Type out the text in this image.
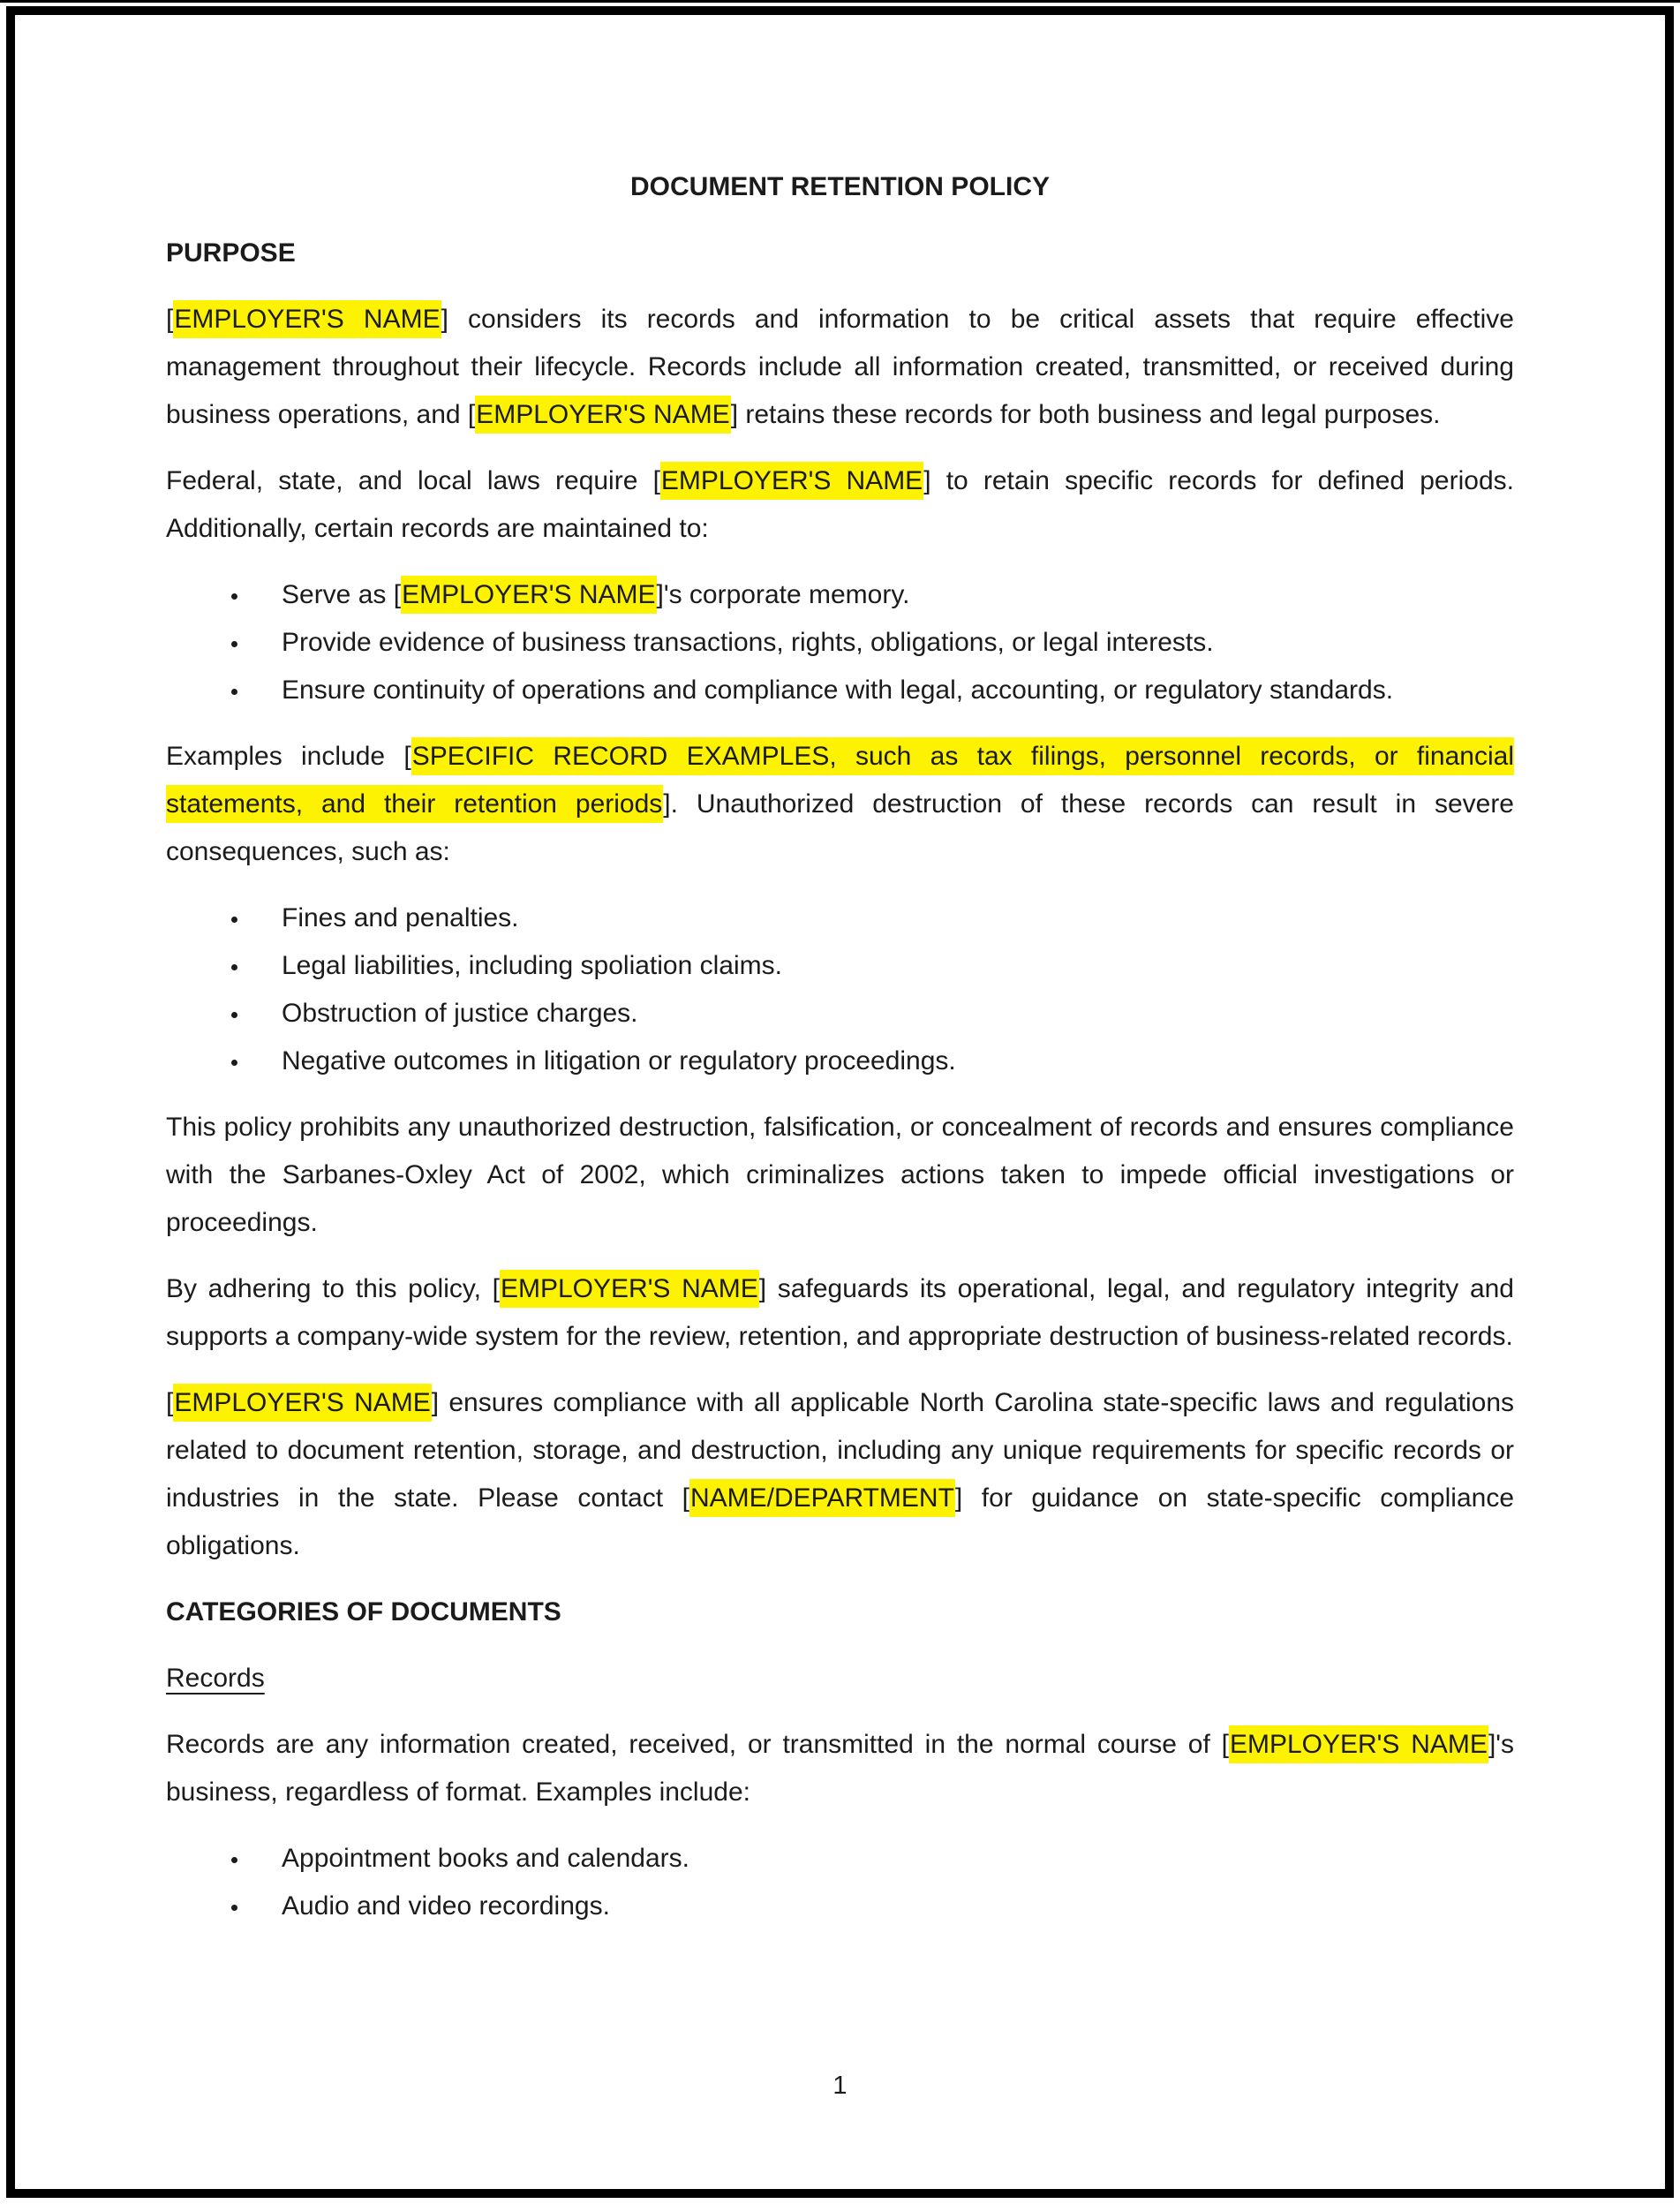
DOCUMENT RETENTION POLICY
PURPOSE

[EMPLOYER'S NAME] considers its records and information to be critical assets that require effective management throughout their lifecycle. Records include all information created, transmitted, or received during business operations, and [EMPLOYER'S NAME] retains these records for both business and legal purposes.

Federal, state, and local laws require [EMPLOYER'S NAME] to retain specific records for defined periods. Additionally, certain records are maintained to:

• Serve as [EMPLOYER'S NAME]'s corporate memory.
• Provide evidence of business transactions, rights, obligations, or legal interests.
• Ensure continuity of operations and compliance with legal, accounting, or regulatory standards.

Examples include [SPECIFIC RECORD EXAMPLES, such as tax filings, personnel records, or financial statements, and their retention periods]. Unauthorized destruction of these records can result in severe consequences, such as:

• Fines and penalties.
• Legal liabilities, including spoliation claims.
• Obstruction of justice charges.
• Negative outcomes in litigation or regulatory proceedings.

This policy prohibits any unauthorized destruction, falsification, or concealment of records and ensures compliance with the Sarbanes-Oxley Act of 2002, which criminalizes actions taken to impede official investigations or proceedings.

By adhering to this policy, [EMPLOYER'S NAME] safeguards its operational, legal, and regulatory integrity and supports a company-wide system for the review, retention, and appropriate destruction of business-related records.

[EMPLOYER'S NAME] ensures compliance with all applicable North Carolina state-specific laws and regulations related to document retention, storage, and destruction, including any unique requirements for specific records or industries in the state. Please contact [NAME/DEPARTMENT] for guidance on state-specific compliance obligations.

CATEGORIES OF DOCUMENTS
Records

Records are any information created, received, or transmitted in the normal course of [EMPLOYER'S NAME]'s business, regardless of format. Examples include:

• Appointment books and calendars.
• Audio and video recordings.
1
